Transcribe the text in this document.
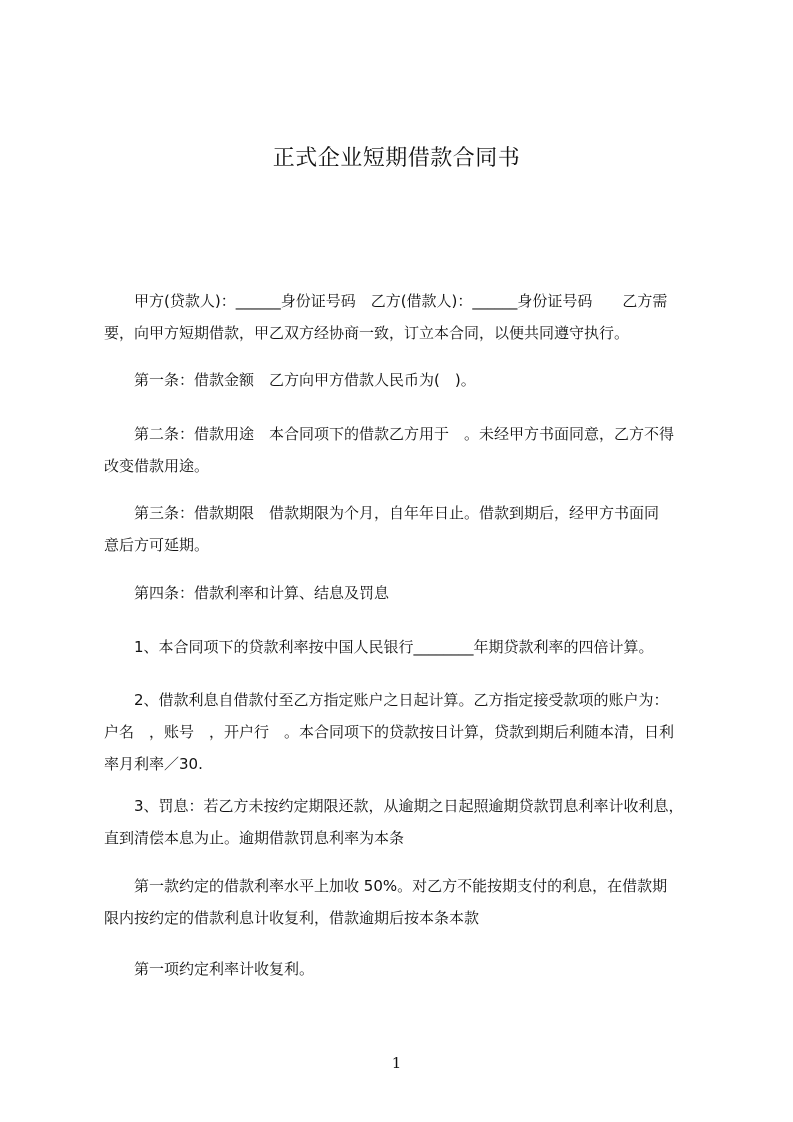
正式企业短期借款合同书
　　甲方(贷款人)：______身份证号码　乙方(借款人)：______身份证号码　　乙方需
要，向甲方短期借款，甲乙双方经协商一致，订立本合同，以便共同遵守执行。
　　第一条：借款金额　乙方向甲方借款人民币为(　)。
　　第二条：借款用途　本合同项下的借款乙方用于　。未经甲方书面同意，乙方不得
改变借款用途。
　　第三条：借款期限　借款期限为个月，自年年日止。借款到期后，经甲方书面同
意后方可延期。
　　第四条：借款利率和计算、结息及罚息
　　1、本合同项下的贷款利率按中国人民银行________年期贷款利率的四倍计算。
　　2、借款利息自借款付至乙方指定账户之日起计算。乙方指定接受款项的账户为：
户名　，账号　，开户行　。本合同项下的贷款按日计算，贷款到期后利随本清，日利
率月利率／30.
　　3、罚息：若乙方未按约定期限还款，从逾期之日起照逾期贷款罚息利率计收利息，
直到清偿本息为止。逾期借款罚息利率为本条
　　第一款约定的借款利率水平上加收 50%。对乙方不能按期支付的利息，在借款期
限内按约定的借款利息计收复利，借款逾期后按本条本款
　　第一项约定利率计收复利。
1
